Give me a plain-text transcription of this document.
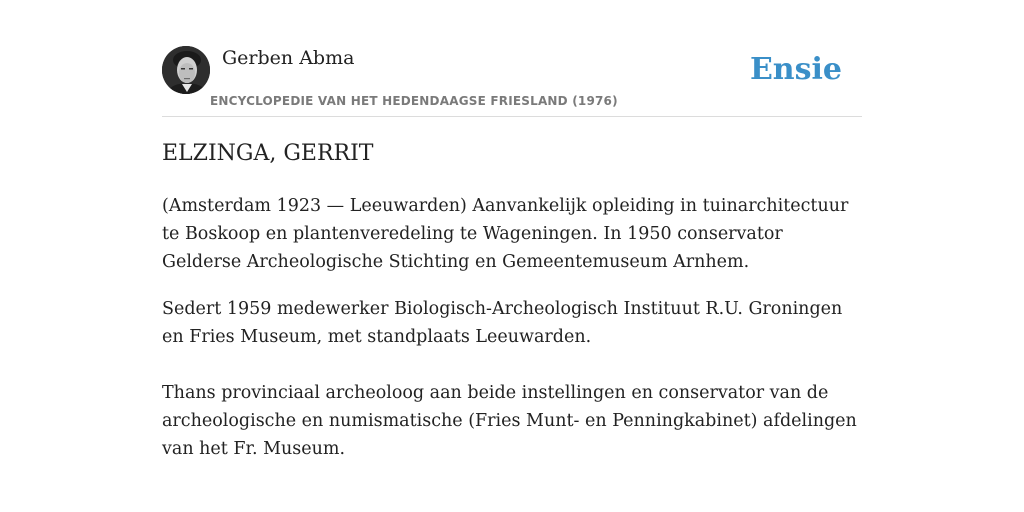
Gerben Abma
ENCYCLOPEDIE VAN HET HEDENDAAGSE FRIESLAND (1976)
Ensie
ELZINGA, GERRIT

(Amsterdam 1923 — Leeuwarden) Aanvankelijk opleiding in tuinarchitectuur te Boskoop en plantenveredeling te Wageningen. In 1950 conservator Gelderse Archeologische Stichting en Gemeentemuseum Arnhem.

Sedert 1959 medewerker Biologisch-Archeologisch Instituut R.U. Groningen en Fries Museum, met standplaats Leeuwarden.

Thans provinciaal archeoloog aan beide instellingen en conservator van de archeologische en numismatische (Fries Munt- en Penningkabinet) afdelingen van het Fr. Museum.
